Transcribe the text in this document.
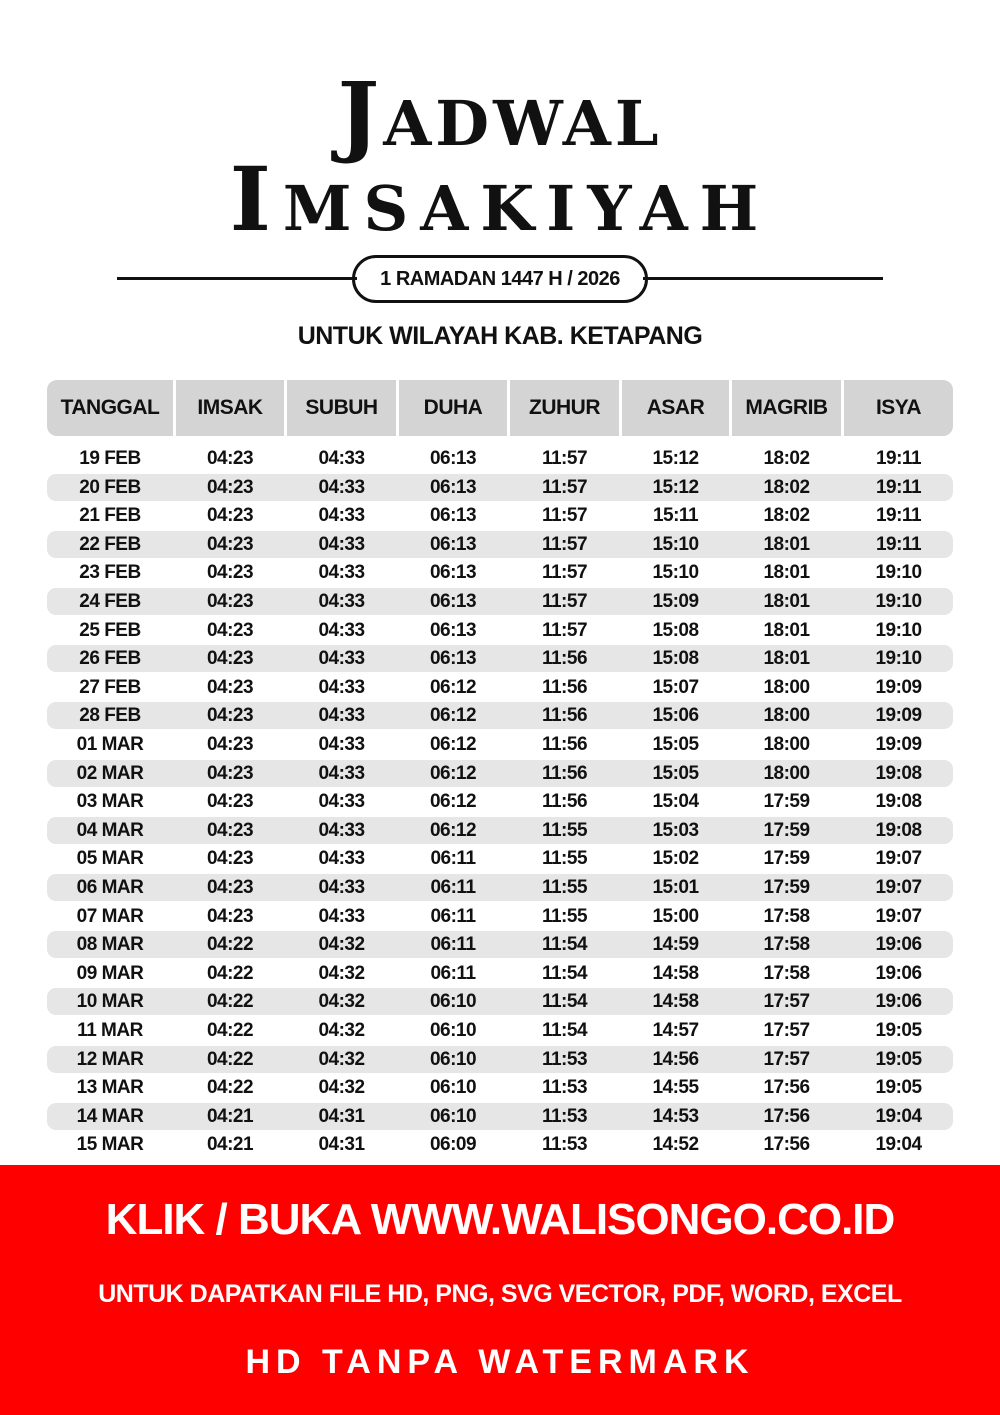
Jadwal
Imsakiyah
1 RAMADAN 1447 H / 2026
UNTUK WILAYAH KAB. KETAPANG
TANGGAL	IMSAK	SUBUH	DUHA	ZUHUR	ASAR	MAGRIB	ISYA
19 FEB	04:23	04:33	06:13	11:57	15:12	18:02	19:11
20 FEB	04:23	04:33	06:13	11:57	15:12	18:02	19:11
21 FEB	04:23	04:33	06:13	11:57	15:11	18:02	19:11
22 FEB	04:23	04:33	06:13	11:57	15:10	18:01	19:11
23 FEB	04:23	04:33	06:13	11:57	15:10	18:01	19:10
24 FEB	04:23	04:33	06:13	11:57	15:09	18:01	19:10
25 FEB	04:23	04:33	06:13	11:57	15:08	18:01	19:10
26 FEB	04:23	04:33	06:13	11:56	15:08	18:01	19:10
27 FEB	04:23	04:33	06:12	11:56	15:07	18:00	19:09
28 FEB	04:23	04:33	06:12	11:56	15:06	18:00	19:09
01 MAR	04:23	04:33	06:12	11:56	15:05	18:00	19:09
02 MAR	04:23	04:33	06:12	11:56	15:05	18:00	19:08
03 MAR	04:23	04:33	06:12	11:56	15:04	17:59	19:08
04 MAR	04:23	04:33	06:12	11:55	15:03	17:59	19:08
05 MAR	04:23	04:33	06:11	11:55	15:02	17:59	19:07
06 MAR	04:23	04:33	06:11	11:55	15:01	17:59	19:07
07 MAR	04:23	04:33	06:11	11:55	15:00	17:58	19:07
08 MAR	04:22	04:32	06:11	11:54	14:59	17:58	19:06
09 MAR	04:22	04:32	06:11	11:54	14:58	17:58	19:06
10 MAR	04:22	04:32	06:10	11:54	14:58	17:57	19:06
11 MAR	04:22	04:32	06:10	11:54	14:57	17:57	19:05
12 MAR	04:22	04:32	06:10	11:53	14:56	17:57	19:05
13 MAR	04:22	04:32	06:10	11:53	14:55	17:56	19:05
14 MAR	04:21	04:31	06:10	11:53	14:53	17:56	19:04
15 MAR	04:21	04:31	06:09	11:53	14:52	17:56	19:04
KLIK / BUKA WWW.WALISONGO.CO.ID
UNTUK DAPATKAN FILE HD, PNG, SVG VECTOR, PDF, WORD, EXCEL
HD TANPA WATERMARK
